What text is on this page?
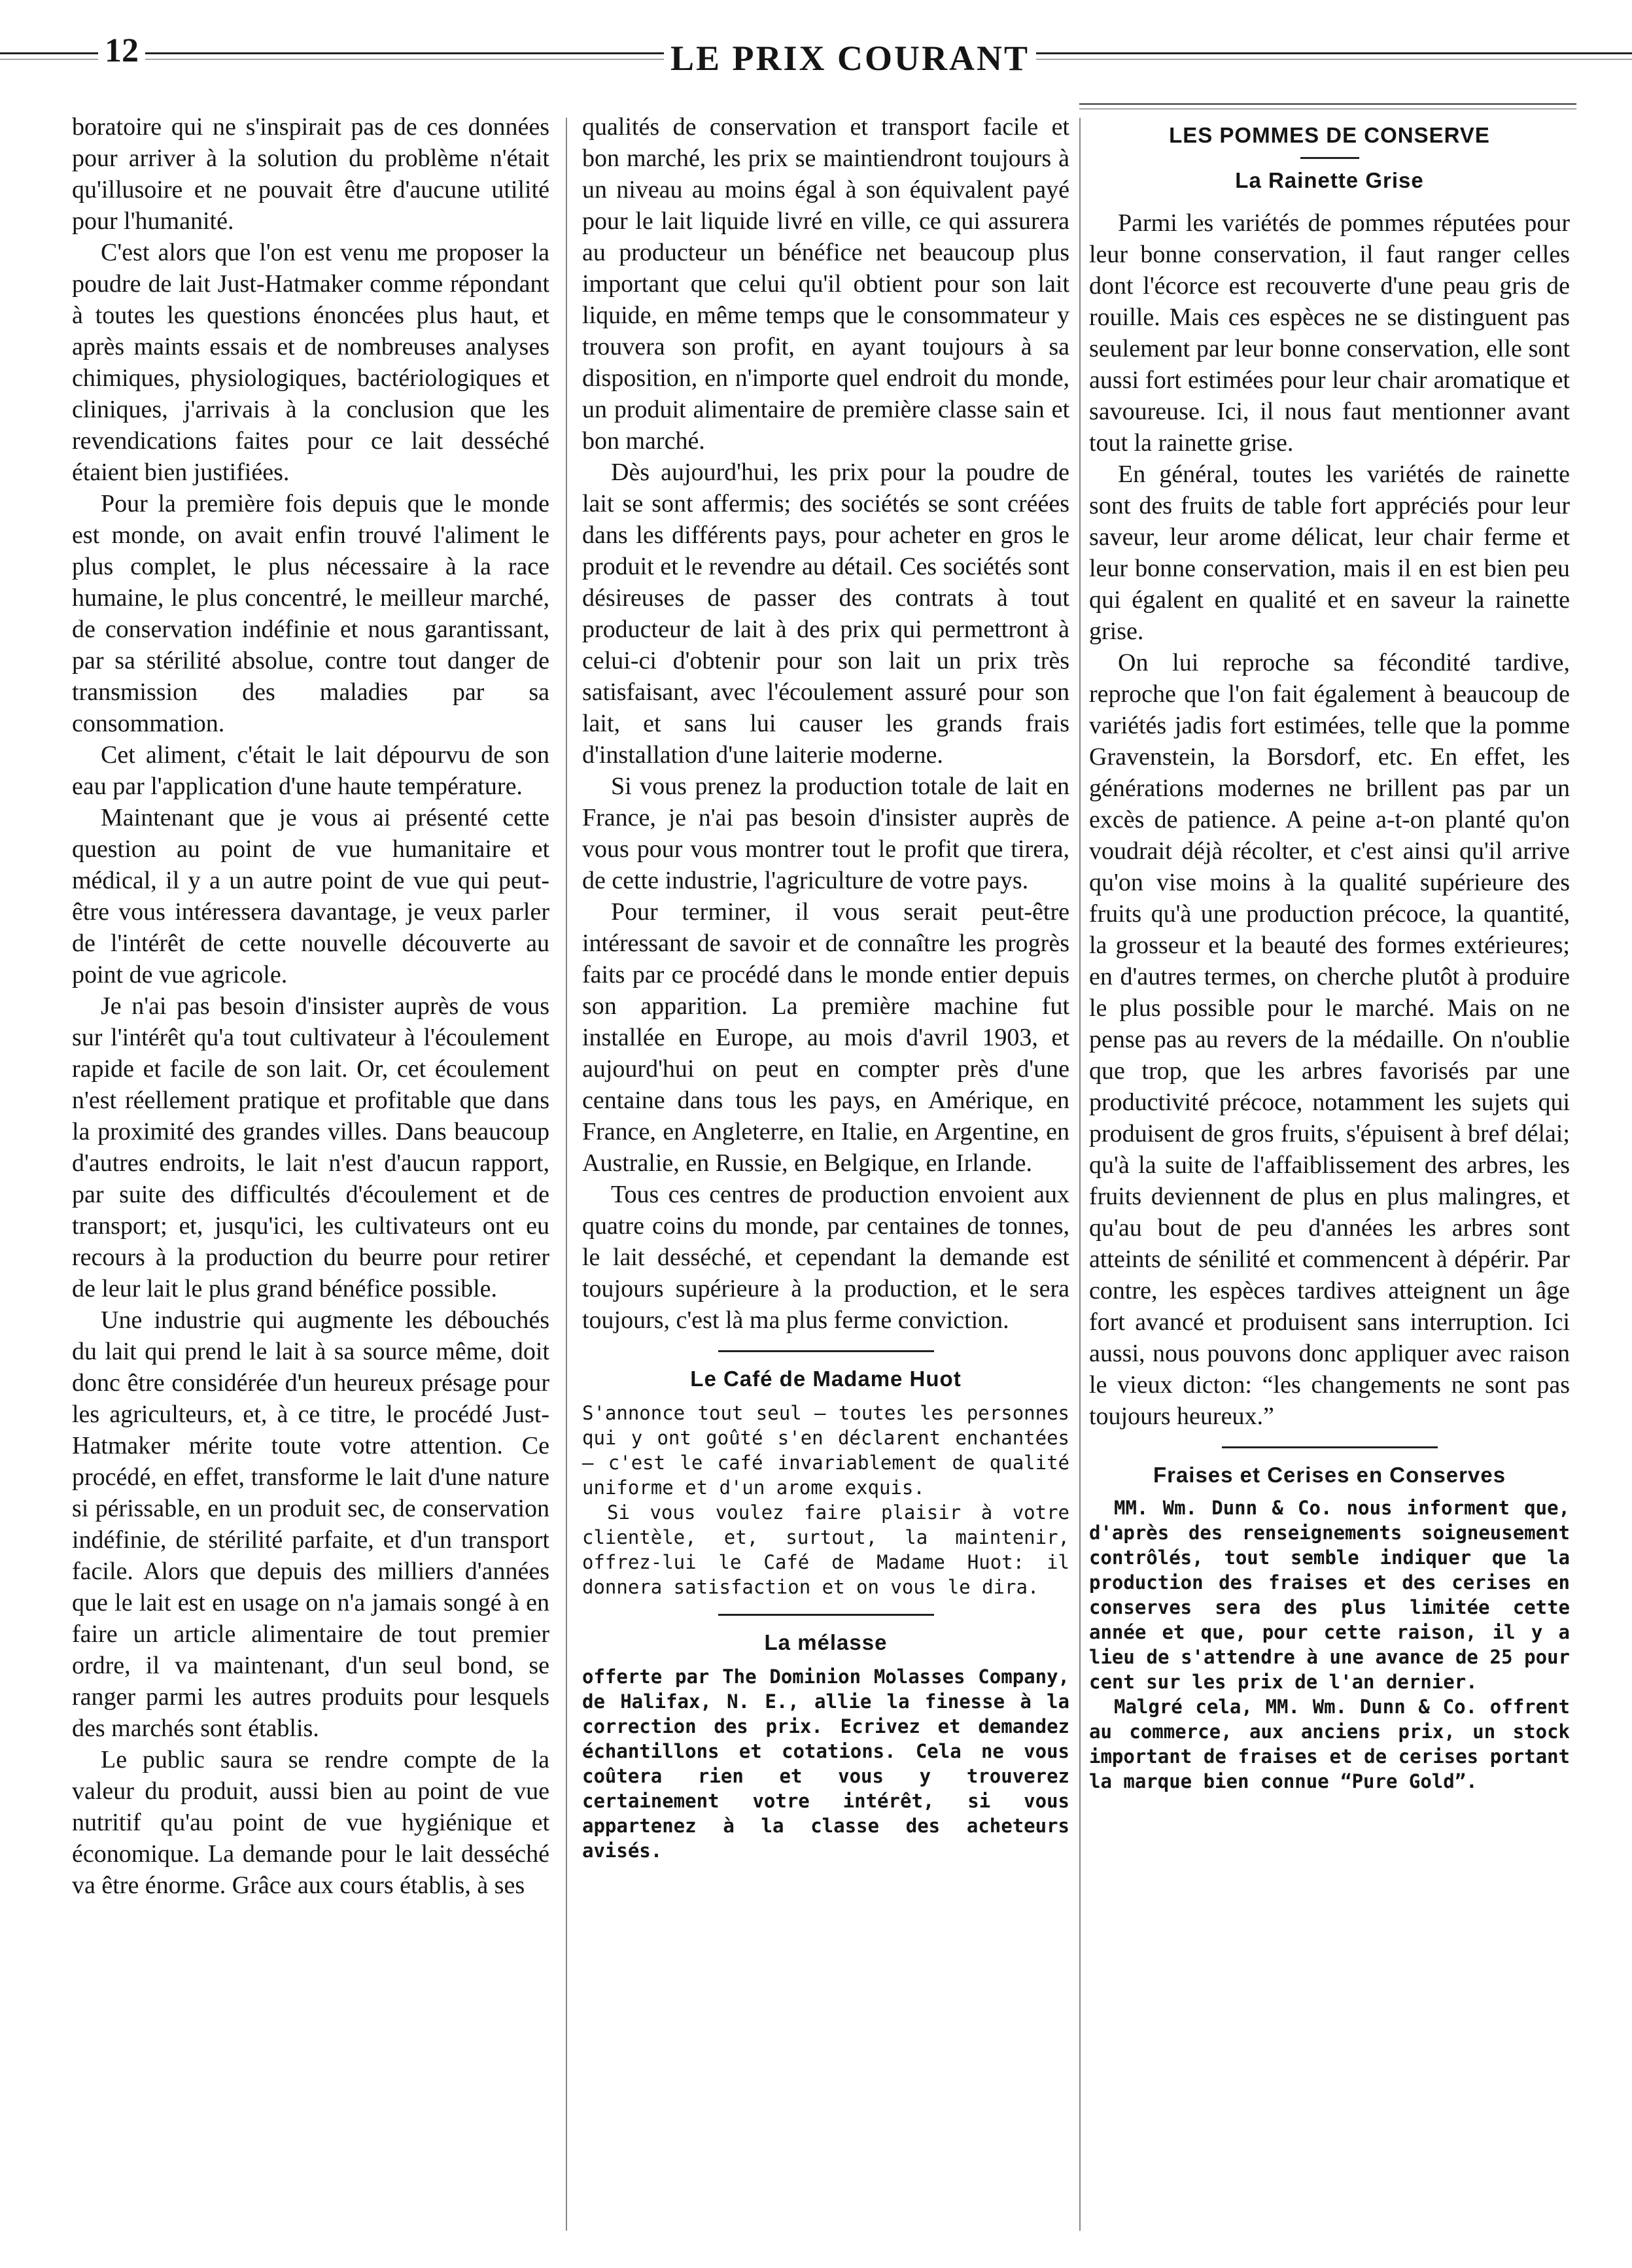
12	LE PRIX COURANT

boratoire qui ne s'inspirait pas de ces données pour arriver à la solution du problème n'était qu'illusoire et ne pouvait être d'aucune utilité pour l'humanité.

C'est alors que l'on est venu me proposer la poudre de lait Just-Hatmaker comme répondant à toutes les questions énoncées plus haut, et après maints essais et de nombreuses analyses chimiques, physiologiques, bactériologiques et cliniques, j'arrivais à la conclusion que les revendications faites pour ce lait desséché étaient bien justifiées.

Pour la première fois depuis que le monde est monde, on avait enfin trouvé l'aliment le plus complet, le plus nécessaire à la race humaine, le plus concentré, le meilleur marché, de conservation indéfinie et nous garantissant, par sa stérilité absolue, contre tout danger de transmission des maladies par sa consommation.

Cet aliment, c'était le lait dépourvu de son eau par l'application d'une haute température.

Maintenant que je vous ai présenté cette question au point de vue humanitaire et médical, il y a un autre point de vue qui peut-être vous intéressera davantage, je veux parler de l'intérêt de cette nouvelle découverte au point de vue agricole.

Je n'ai pas besoin d'insister auprès de vous sur l'intérêt qu'a tout cultivateur à l'écoulement rapide et facile de son lait. Or, cet écoulement n'est réellement pratique et profitable que dans la proximité des grandes villes. Dans beaucoup d'autres endroits, le lait n'est d'aucun rapport, par suite des difficultés d'écoulement et de transport; et, jusqu'ici, les cultivateurs ont eu recours à la production du beurre pour retirer de leur lait le plus grand bénéfice possible.

Une industrie qui augmente les débouchés du lait qui prend le lait à sa source même, doit donc être considérée d'un heureux présage pour les agriculteurs, et, à ce titre, le procédé Just-Hatmaker mérite toute votre attention. Ce procédé, en effet, transforme le lait d'une nature si périssable, en un produit sec, de conservation indéfinie, de stérilité parfaite, et d'un transport facile. Alors que depuis des milliers d'années que le lait est en usage on n'a jamais songé à en faire un article alimentaire de tout premier ordre, il va maintenant, d'un seul bond, se ranger parmi les autres produits pour lesquels des marchés sont établis.

Le public saura se rendre compte de la valeur du produit, aussi bien au point de vue nutritif qu'au point de vue hygiénique et économique. La demande pour le lait desséché va être énorme. Grâce aux cours établis, à ses

qualités de conservation et transport facile et bon marché, les prix se maintiendront toujours à un niveau au moins égal à son équivalent payé pour le lait liquide livré en ville, ce qui assurera au producteur un bénéfice net beaucoup plus important que celui qu'il obtient pour son lait liquide, en même temps que le consommateur y trouvera son profit, en ayant toujours à sa disposition, en n'importe quel endroit du monde, un produit alimentaire de première classe sain et bon marché.

Dès aujourd'hui, les prix pour la poudre de lait se sont affermis; des sociétés se sont créées dans les différents pays, pour acheter en gros le produit et le revendre au détail. Ces sociétés sont désireuses de passer des contrats à tout producteur de lait à des prix qui permettront à celui-ci d'obtenir pour son lait un prix très satisfaisant, avec l'écoulement assuré pour son lait, et sans lui causer les grands frais d'installation d'une laiterie moderne.

Si vous prenez la production totale de lait en France, je n'ai pas besoin d'insister auprès de vous pour vous montrer tout le profit que tirera, de cette industrie, l'agriculture de votre pays.

Pour terminer, il vous serait peut-être intéressant de savoir et de connaître les progrès faits par ce procédé dans le monde entier depuis son apparition. La première machine fut installée en Europe, au mois d'avril 1903, et aujourd'hui on peut en compter près d'une centaine dans tous les pays, en Amérique, en France, en Angleterre, en Italie, en Argentine, en Australie, en Russie, en Belgique, en Irlande.

Tous ces centres de production envoient aux quatre coins du monde, par centaines de tonnes, le lait desséché, et cependant la demande est toujours supérieure à la production, et le sera toujours, c'est là ma plus ferme conviction.

Le Café de Madame Huot

S'annonce tout seul — toutes les personnes qui y ont goûté s'en déclarent enchantées — c'est le café invariablement de qualité uniforme et d'un arome exquis.

Si vous voulez faire plaisir à votre clientèle, et, surtout, la maintenir, offrez-lui le Café de Madame Huot: il donnera satisfaction et on vous le dira.

La mélasse

offerte par The Dominion Molasses Company, de Halifax, N. E., allie la finesse à la correction des prix. Ecrivez et demandez échantillons et cotations. Cela ne vous coûtera rien et vous y trouverez certainement votre intérêt, si vous appartenez à la classe des acheteurs avisés.

LES POMMES DE CONSERVE
La Rainette Grise

Parmi les variétés de pommes réputées pour leur bonne conservation, il faut ranger celles dont l'écorce est recouverte d'une peau gris de rouille. Mais ces espèces ne se distinguent pas seulement par leur bonne conservation, elle sont aussi fort estimées pour leur chair aromatique et savoureuse. Ici, il nous faut mentionner avant tout la rainette grise.

En général, toutes les variétés de rainette sont des fruits de table fort appréciés pour leur saveur, leur arome délicat, leur chair ferme et leur bonne conservation, mais il en est bien peu qui égalent en qualité et en saveur la rainette grise.

On lui reproche sa fécondité tardive, reproche que l'on fait également à beaucoup de variétés jadis fort estimées, telle que la pomme Gravenstein, la Borsdorf, etc. En effet, les générations modernes ne brillent pas par un excès de patience. A peine a-t-on planté qu'on voudrait déjà récolter, et c'est ainsi qu'il arrive qu'on vise moins à la qualité supérieure des fruits qu'à une production précoce, la quantité, la grosseur et la beauté des formes extérieures; en d'autres termes, on cherche plutôt à produire le plus possible pour le marché. Mais on ne pense pas au revers de la médaille. On n'oublie que trop, que les arbres favorisés par une productivité précoce, notamment les sujets qui produisent de gros fruits, s'épuisent à bref délai; qu'à la suite de l'affaiblissement des arbres, les fruits deviennent de plus en plus malingres, et qu'au bout de peu d'années les arbres sont atteints de sénilité et commencent à dépérir. Par contre, les espèces tardives atteignent un âge fort avancé et produisent sans interruption. Ici aussi, nous pouvons donc appliquer avec raison le vieux dicton: “les changements ne sont pas toujours heureux.”

Fraises et Cerises en Conserves

MM. Wm. Dunn & Co. nous informent que, d'après des renseignements soigneusement contrôlés, tout semble indiquer que la production des fraises et des cerises en conserves sera des plus limitée cette année et que, pour cette raison, il y a lieu de s'attendre à une avance de 25 pour cent sur les prix de l'an dernier.

Malgré cela, MM. Wm. Dunn & Co. offrent au commerce, aux anciens prix, un stock important de fraises et de cerises portant la marque bien connue “Pure Gold”.
